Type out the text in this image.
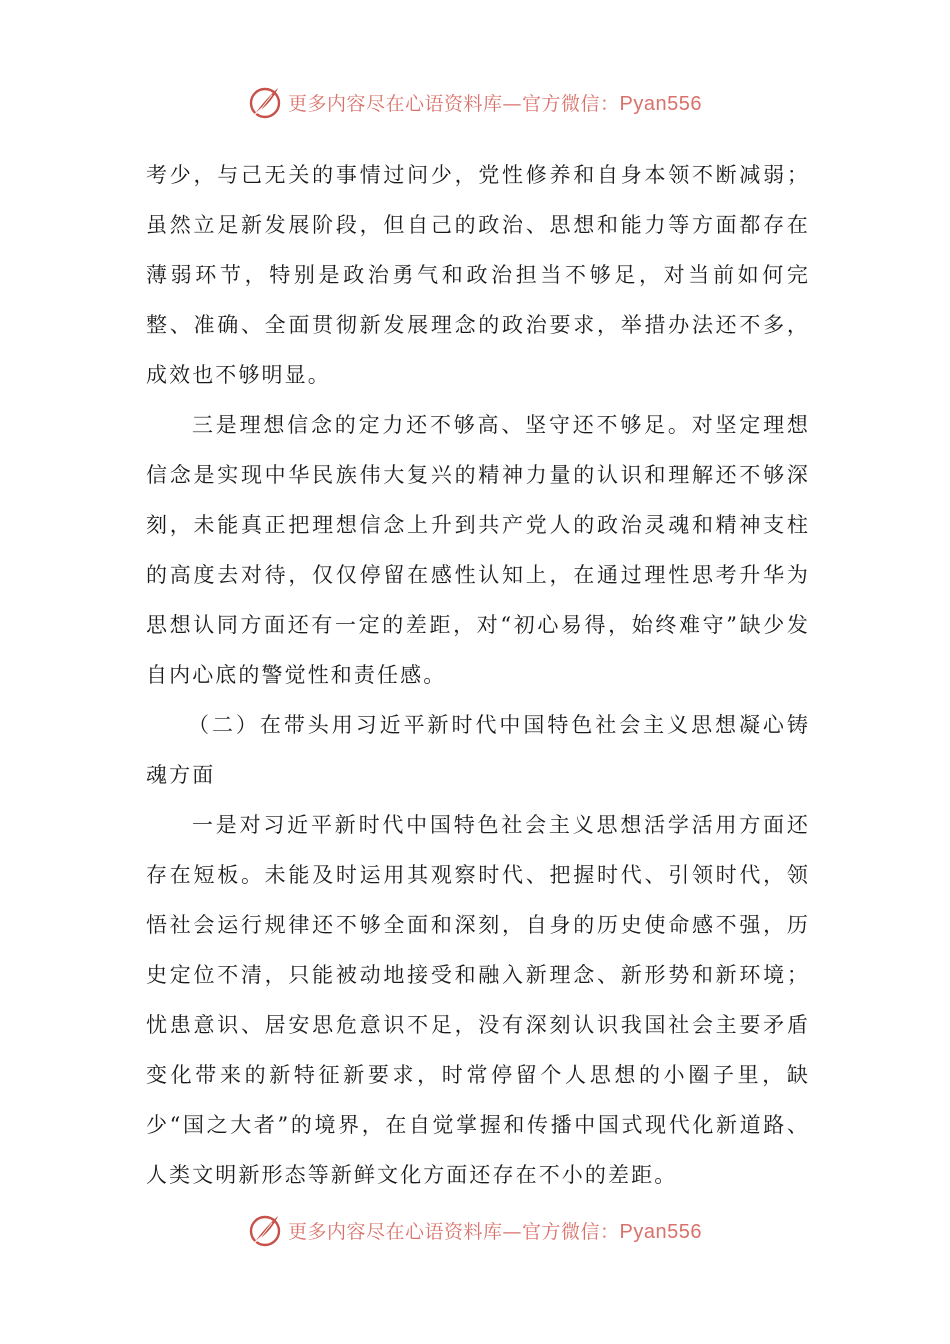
更多内容尽在心语资料库—官方微信：Pyan556

考少，与己无关的事情过问少，党性修养和自身本领不断减弱；虽然立足新发展阶段，但自己的政治、思想和能力等方面都存在薄弱环节，特别是政治勇气和政治担当不够足，对当前如何完整、准确、全面贯彻新发展理念的政治要求，举措办法还不多，成效也不够明显。

三是理想信念的定力还不够高、坚守还不够足。对坚定理想信念是实现中华民族伟大复兴的精神力量的认识和理解还不够深刻，未能真正把理想信念上升到共产党人的政治灵魂和精神支柱的高度去对待，仅仅停留在感性认知上，在通过理性思考升华为思想认同方面还有一定的差距，对“初心易得，始终难守”缺少发自内心底的警觉性和责任感。

（二）在带头用习近平新时代中国特色社会主义思想凝心铸魂方面

一是对习近平新时代中国特色社会主义思想活学活用方面还存在短板。未能及时运用其观察时代、把握时代、引领时代，领悟社会运行规律还不够全面和深刻，自身的历史使命感不强，历史定位不清，只能被动地接受和融入新理念、新形势和新环境；忧患意识、居安思危意识不足，没有深刻认识我国社会主要矛盾变化带来的新特征新要求，时常停留个人思想的小圈子里，缺少“国之大者”的境界，在自觉掌握和传播中国式现代化新道路、人类文明新形态等新鲜文化方面还存在不小的差距。

更多内容尽在心语资料库—官方微信：Pyan556
